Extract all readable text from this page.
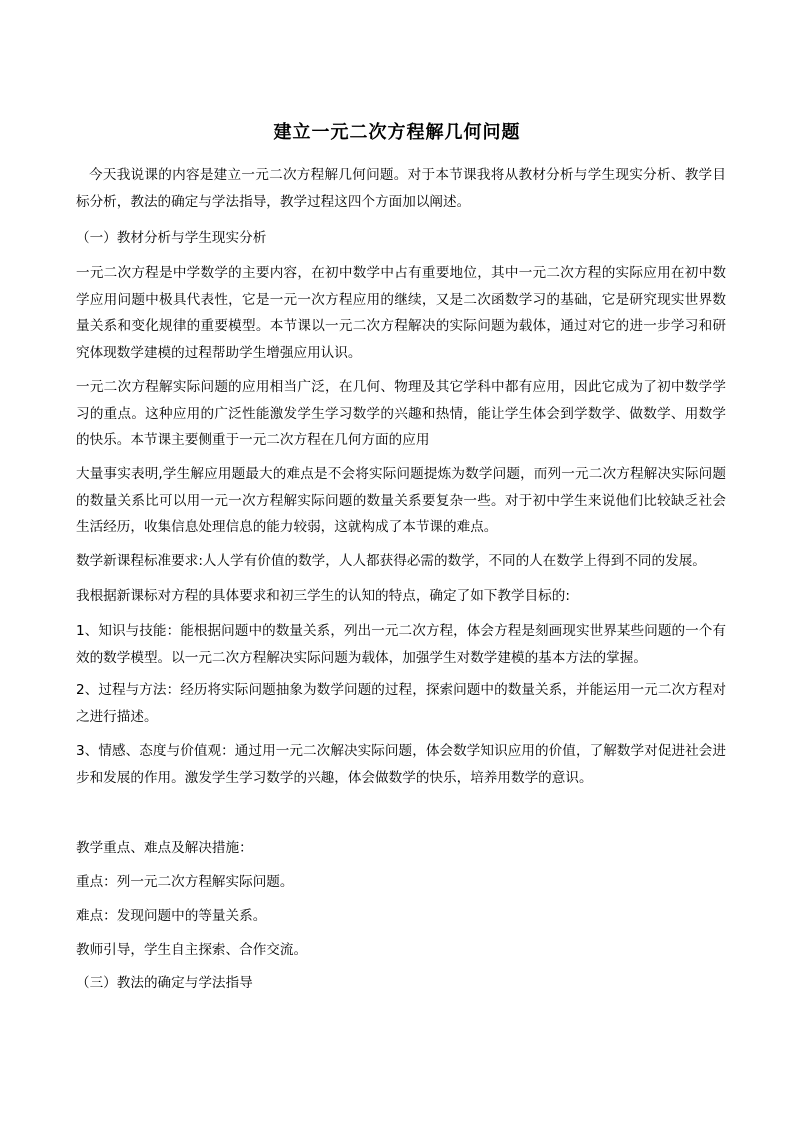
建立一元二次方程解几何问题

今天我说课的内容是建立一元二次方程解几何问题。对于本节课我将从教材分析与学生现实分析、教学目标分析，教法的确定与学法指导，教学过程这四个方面加以阐述。

（一）教材分析与学生现实分析

一元二次方程是中学数学的主要内容，在初中数学中占有重要地位，其中一元二次方程的实际应用在初中数学应用问题中极具代表性，它是一元一次方程应用的继续，又是二次函数学习的基础，它是研究现实世界数量关系和变化规律的重要模型。本节课以一元二次方程解决的实际问题为载体，通过对它的进一步学习和研究体现数学建模的过程帮助学生增强应用认识。

一元二次方程解实际问题的应用相当广泛，在几何、物理及其它学科中都有应用，因此它成为了初中数学学习的重点。这种应用的广泛性能激发学生学习数学的兴趣和热情，能让学生体会到学数学、做数学、用数学的快乐。本节课主要侧重于一元二次方程在几何方面的应用

大量事实表明,学生解应用题最大的难点是不会将实际问题提炼为数学问题，而列一元二次方程解决实际问题的数量关系比可以用一元一次方程解实际问题的数量关系要复杂一些。对于初中学生来说他们比较缺乏社会生活经历，收集信息处理信息的能力较弱，这就构成了本节课的难点。

数学新课程标准要求:人人学有价值的数学，人人都获得必需的数学，不同的人在数学上得到不同的发展。

我根据新课标对方程的具体要求和初三学生的认知的特点，确定了如下教学目标的:

1、知识与技能：能根据问题中的数量关系，列出一元二次方程，体会方程是刻画现实世界某些问题的一个有效的数学模型。以一元二次方程解决实际问题为载体，加强学生对数学建模的基本方法的掌握。

2、过程与方法：经历将实际问题抽象为数学问题的过程，探索问题中的数量关系，并能运用一元二次方程对之进行描述。

3、情感、态度与价值观：通过用一元二次解决实际问题，体会数学知识应用的价值，了解数学对促进社会进步和发展的作用。激发学生学习数学的兴趣，体会做数学的快乐，培养用数学的意识。

教学重点、难点及解决措施：

重点：列一元二次方程解实际问题。

难点：发现问题中的等量关系。

教师引导，学生自主探索、合作交流。

（三）教法的确定与学法指导
